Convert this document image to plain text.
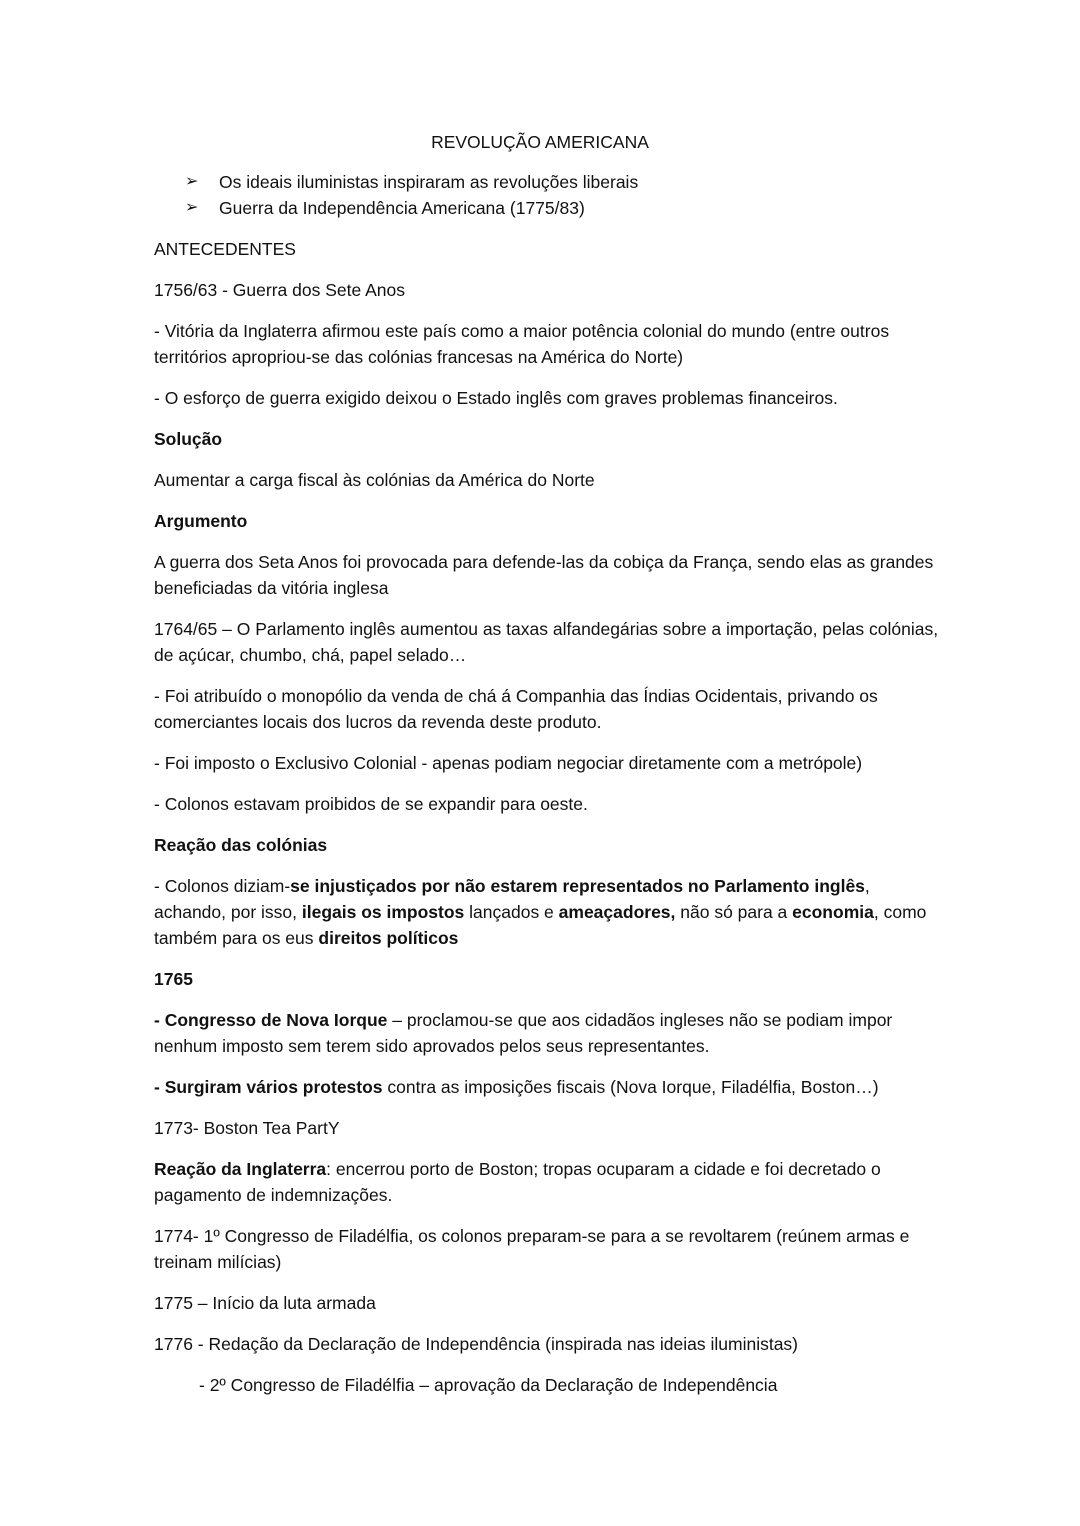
REVOLUÇÃO AMERICANA
➢ Os ideais iluministas inspiraram as revoluções liberais
➢ Guerra da Independência Americana (1775/83)

ANTECEDENTES

1756/63 - Guerra dos Sete Anos

- Vitória da Inglaterra afirmou este país como a maior potência colonial do mundo (entre outros territórios apropriou-se das colónias francesas na América do Norte)

- O esforço de guerra exigido deixou o Estado inglês com graves problemas financeiros.

Solução

Aumentar a carga fiscal às colónias da América do Norte

Argumento

A guerra dos Seta Anos foi provocada para defende-las da cobiça da França, sendo elas as grandes beneficiadas da vitória inglesa

1764/65 – O Parlamento inglês aumentou as taxas alfandegárias sobre a importação, pelas colónias, de açúcar, chumbo, chá, papel selado…

- Foi atribuído o monopólio da venda de chá á Companhia das Índias Ocidentais, privando os comerciantes locais dos lucros da revenda deste produto.

- Foi imposto o Exclusivo Colonial - apenas podiam negociar diretamente com a metrópole)

- Colonos estavam proibidos de se expandir para oeste.

Reação das colónias

- Colonos diziam-se injustiçados por não estarem representados no Parlamento inglês, achando, por isso, ilegais os impostos lançados e ameaçadores, não só para a economia, como também para os eus direitos políticos

1765

- Congresso de Nova Iorque – proclamou-se que aos cidadãos ingleses não se podiam impor nenhum imposto sem terem sido aprovados pelos seus representantes.

- Surgiram vários protestos contra as imposições fiscais (Nova Iorque, Filadélfia, Boston…)

1773- Boston Tea PartY

Reação da Inglaterra: encerrou porto de Boston; tropas ocuparam a cidade e foi decretado o pagamento de indemnizações.

1774- 1º Congresso de Filadélfia, os colonos preparam-se para a se revoltarem (reúnem armas e treinam milícias)

1775 – Início da luta armada

1776 - Redação da Declaração de Independência (inspirada nas ideias iluministas)

- 2º Congresso de Filadélfia – aprovação da Declaração de Independência
